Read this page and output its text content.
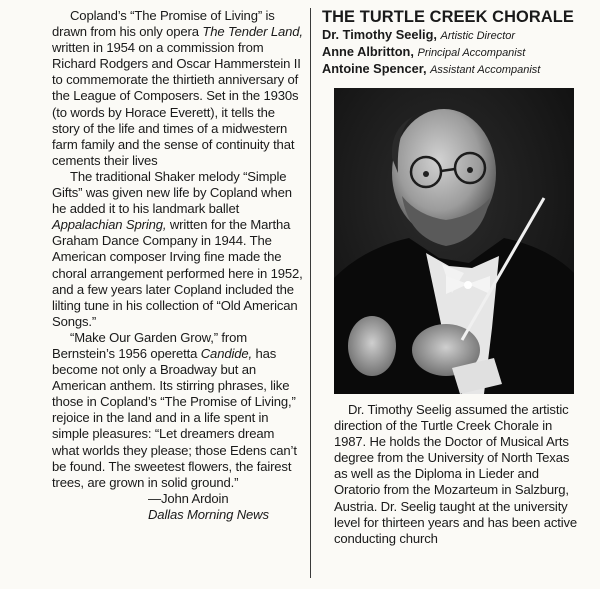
Copland’s “The Promise of Living” is drawn from his only opera The Tender Land, written in 1954 on a commission from Richard Rodgers and Oscar Hammerstein II to commemorate the thirtieth anniversary of the League of Composers. Set in the 1930s (to words by Horace Everett), it tells the story of the life and times of a midwestern farm family and the sense of continuity that cements their lives

The traditional Shaker melody “Simple Gifts” was given new life by Copland when he added it to his landmark ballet Appalachian Spring, written for the Martha Graham Dance Company in 1944. The American composer Irving fine made the choral arrangement performed here in 1952, and a few years later Copland included the lilting tune in his collection of “Old American Songs.”

“Make Our Garden Grow,” from Bernstein’s 1956 operetta Candide, has become not only a Broadway but an American anthem. Its stirring phrases, like those in Copland’s “The Promise of Living,” rejoice in the land and in a life spent in simple pleasures: “Let dreamers dream what worlds they please; those Edens can’t be found. The sweetest flowers, the fairest trees, are grown in solid ground.”

—John Ardoin
Dallas Morning News
THE TURTLE CREEK CHORALE
Dr. Timothy Seelig, Artistic Director
Anne Albritton, Principal Accompanist
Antoine Spencer, Assistant Accompanist

Dr. Timothy Seelig assumed the artistic direction of the Turtle Creek Chorale in 1987. He holds the Doctor of Musical Arts degree from the University of North Texas as well as the Diploma in Lieder and Oratorio from the Mozarteum in Salzburg, Austria. Dr. Seelig taught at the university level for thirteen years and has been active conducting church
